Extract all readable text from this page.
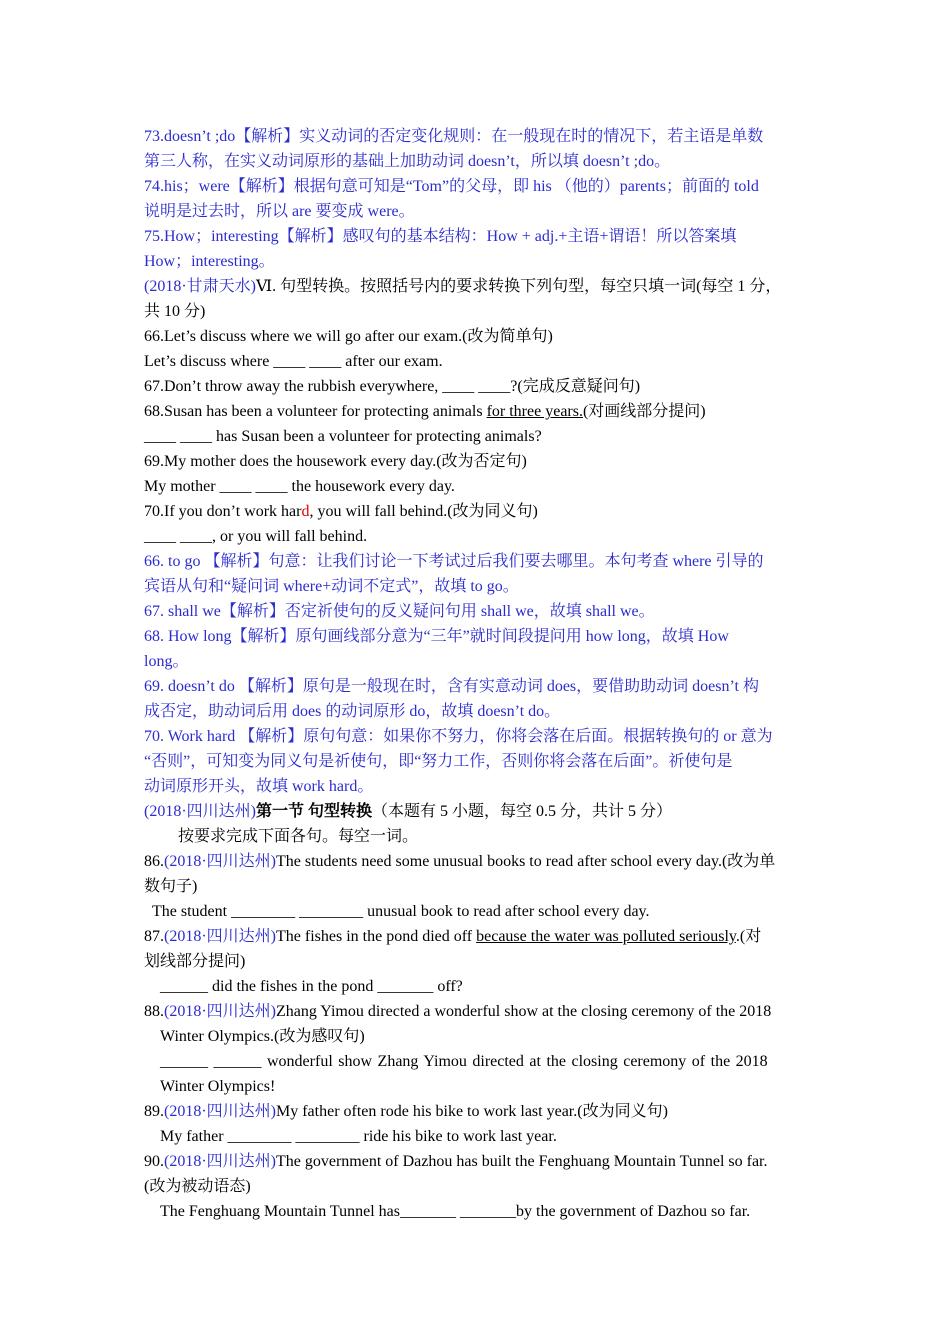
73.doesn’t ;do【解析】实义动词的否定变化规则：在一般现在时的情况下，若主语是单数
第三人称，在实义动词原形的基础上加助动词 doesn’t，所以填 doesn’t ;do。
74.his；were【解析】根据句意可知是“Tom”的父母，即 his （他的）parents；前面的 told
说明是过去时，所以 are 要变成 were。
75.How；interesting【解析】感叹句的基本结构：How + adj.+主语+谓语！所以答案填
How；interesting。
(2018·甘肃天水)Ⅵ. 句型转换。按照括号内的要求转换下列句型，每空只填一词(每空 1 分，
共 10 分)
66.Let’s discuss where we will go after our exam.(改为简单句)
Let’s discuss where ____ ____ after our exam.
67.Don’t throw away the rubbish everywhere, ____ ____?(完成反意疑问句)
68.Susan has been a volunteer for protecting animals for three years.(对画线部分提问)
____ ____ has Susan been a volunteer for protecting animals?
69.My mother does the housework every day.(改为否定句)
My mother ____ ____ the housework every day.
70.If you don’t work hard, you will fall behind.(改为同义句)
____ ____, or you will fall behind.
66. to go 【解析】句意：让我们讨论一下考试过后我们要去哪里。本句考查 where 引导的
宾语从句和“疑问词 where+动词不定式”，故填 to go。
67. shall we【解析】否定祈使句的反义疑问句用 shall we，故填 shall we。
68. How long【解析】原句画线部分意为“三年”就时间段提问用 how long，故填 How
long。
69. doesn’t do 【解析】原句是一般现在时，含有实意动词 does，要借助助动词 doesn’t 构
成否定，助动词后用 does 的动词原形 do，故填 doesn’t do。
70. Work hard 【解析】原句句意：如果你不努力，你将会落在后面。根据转换句的 or 意为
“否则”，可知变为同义句是祈使句，即“努力工作，否则你将会落在后面”。祈使句是
动词原形开头，故填 work hard。
(2018·四川达州)第一节 句型转换（本题有 5 小题，每空 0.5 分，共计 5 分）
按要求完成下面各句。每空一词。
86.(2018·四川达州)The students need some unusual books to read after school every day.(改为单
数句子)
The student ________ ________ unusual book to read after school every day.
87.(2018·四川达州)The fishes in the pond died off because the water was polluted seriously.(对
划线部分提问)
______ did the fishes in the pond _______ off?
88.(2018·四川达州)Zhang Yimou directed a wonderful show at the closing ceremony of the 2018
Winter Olympics.(改为感叹句)
______ ______ wonderful show Zhang Yimou directed at the closing ceremony of the 2018
Winter Olympics!
89.(2018·四川达州)My father often rode his bike to work last year.(改为同义句)
My father ________ ________ ride his bike to work last year.
90.(2018·四川达州)The government of Dazhou has built the Fenghuang Mountain Tunnel so far.
(改为被动语态)
The Fenghuang Mountain Tunnel has_______ _______by the government of Dazhou so far.
